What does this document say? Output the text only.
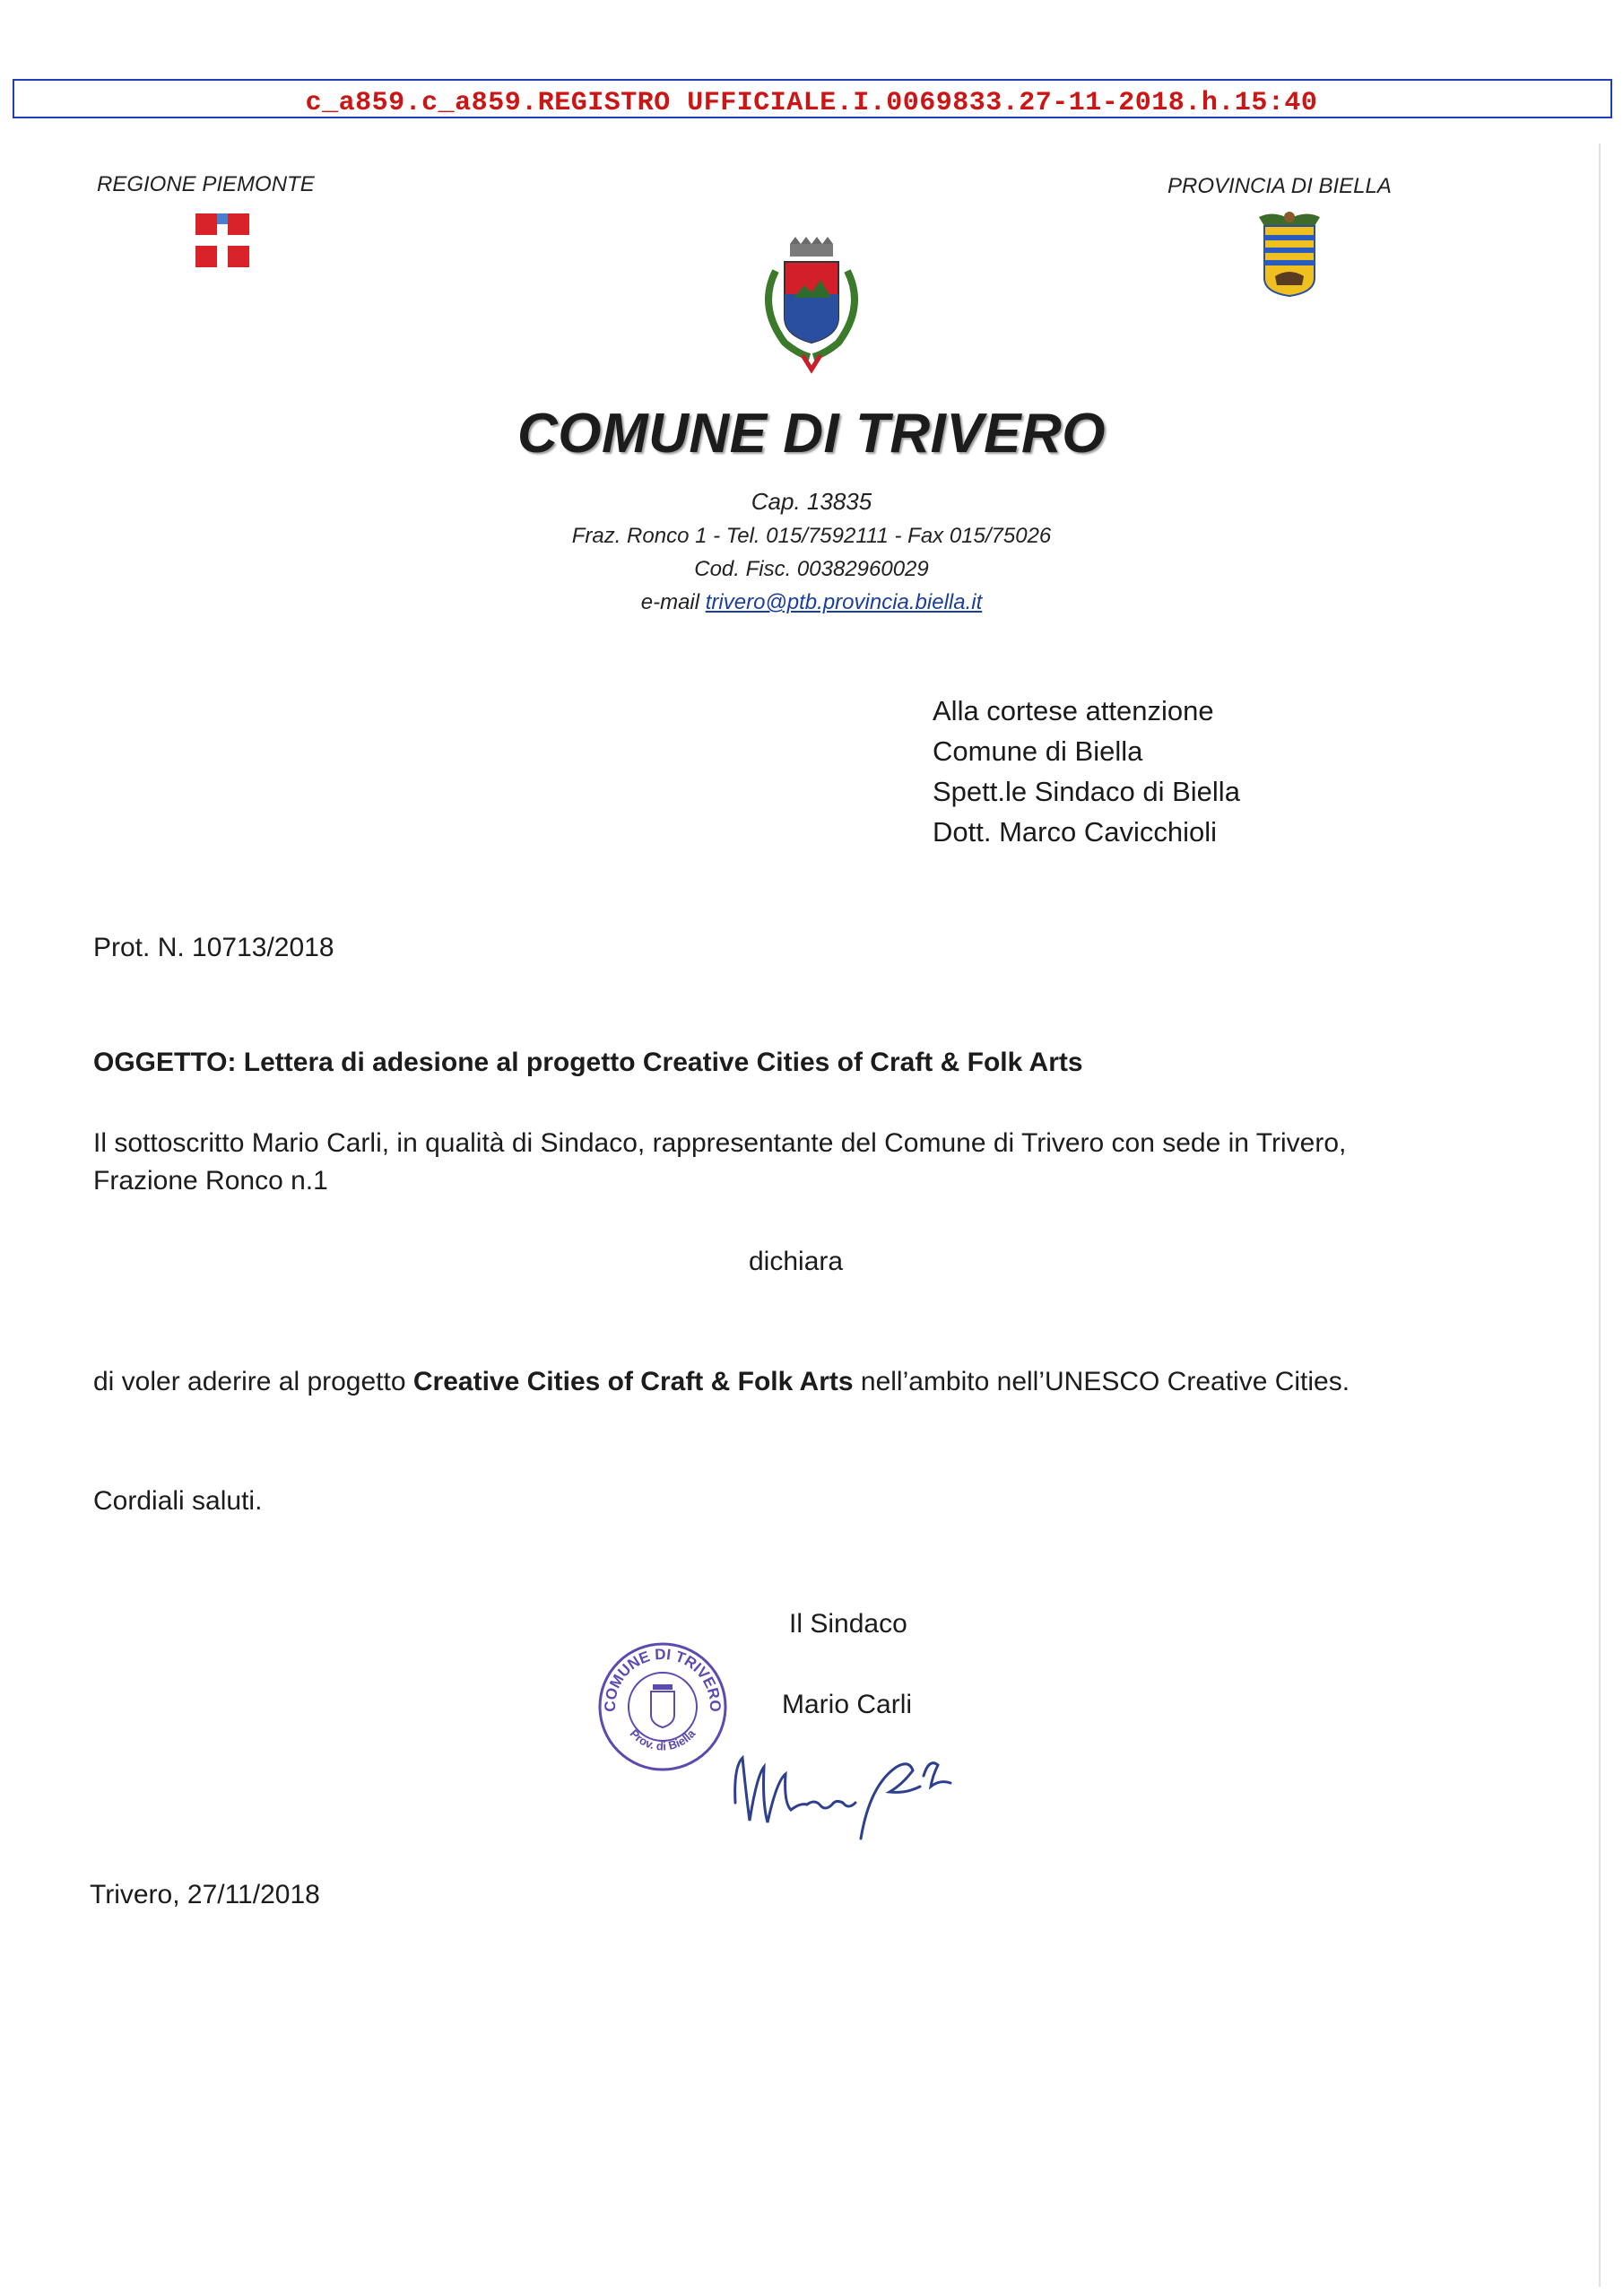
c_a859.c_a859.REGISTRO UFFICIALE.I.0069833.27-11-2018.h.15:40
REGIONE PIEMONTE	PROVINCIA DI BIELLA
COMUNE DI TRIVERO
Cap. 13835
Fraz. Ronco 1 - Tel. 015/7592111 - Fax 015/75026
Cod. Fisc. 00382960029
e-mail trivero@ptb.provincia.biella.it
Alla cortese attenzione
Comune di Biella
Spett.le Sindaco di Biella
Dott. Marco Cavicchioli
Prot. N. 10713/2018
OGGETTO: Lettera di adesione al progetto Creative Cities of Craft & Folk Arts
Il sottoscritto Mario Carli, in qualità di Sindaco, rappresentante del Comune di Trivero con sede in Trivero,
Frazione Ronco n.1
dichiara
di voler aderire al progetto Creative Cities of Craft & Folk Arts nell’ambito nell’UNESCO Creative Cities.
Cordiali saluti.
Il Sindaco
Mario Carli
COMUNE DI TRIVERO
Prov. di Biella
Trivero, 27/11/2018
